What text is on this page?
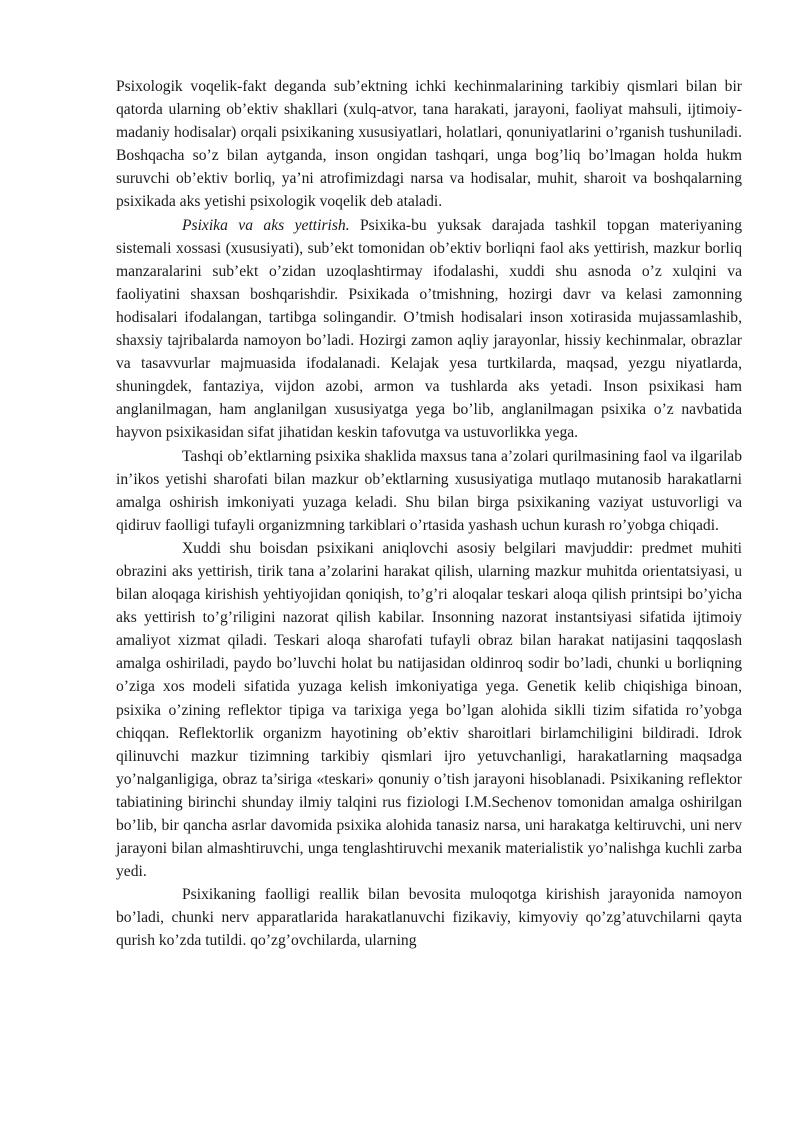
Psixologik voqelik-fakt deganda sub’ektning ichki kechinmalarining tarkibiy qismlari bilan bir qatorda ularning ob’ektiv shakllari (xulq-atvor, tana harakati, jarayoni, faoliyat mahsuli, ijtimoiy-madaniy hodisalar) orqali psixikaning xususiyatlari, holatlari, qonuniyatlarini o’rganish tushuniladi. Boshqacha so’z bilan aytganda, inson ongidan tashqari, unga bog’liq bo’lmagan holda hukm suruvchi ob’ektiv borliq, ya’ni atrofimizdagi narsa va hodisalar, muhit, sharoit va boshqalarning psixikada aks yetishi psixologik voqelik deb ataladi.

Psixika va aks yettirish. Psixika-bu yuksak darajada tashkil topgan materiyaning sistemali xossasi (xususiyati), sub’ekt tomonidan ob’ektiv borliqni faol aks yettirish, mazkur borliq manzaralarini sub’ekt o’zidan uzoqlashtirmay ifodalashi, xuddi shu asnoda o’z xulqini va faoliyatini shaxsan boshqarishdir. Psixikada o’tmishning, hozirgi davr va kelasi zamonning hodisalari ifodalangan, tartibga solingandir. O’tmish hodisalari inson xotirasida mujassamlashib, shaxsiy tajribalarda namoyon bo’ladi. Hozirgi zamon aqliy jarayonlar, hissiy kechinmalar, obrazlar va tasavvurlar majmuasida ifodalanadi. Kelajak yesa turtkilarda, maqsad, yezgu niyatlarda, shuningdek, fantaziya, vijdon azobi, armon va tushlarda aks yetadi. Inson psixikasi ham anglanilmagan, ham anglanilgan xususiyatga yega bo’lib, anglanilmagan psixika o’z navbatida hayvon psixikasidan sifat jihatidan keskin tafovutga va ustuvorlikka yega.

Tashqi ob’ektlarning psixika shaklida maxsus tana a’zolari qurilmasining faol va ilgarilab in’ikos yetishi sharofati bilan mazkur ob’ektlarning xususiyatiga mutlaqo mutanosib harakatlarni amalga oshirish imkoniyati yuzaga keladi. Shu bilan birga psixikaning vaziyat ustuvorligi va qidiruv faolligi tufayli organizmning tarkiblari o’rtasida yashash uchun kurash ro’yobga chiqadi.

Xuddi shu boisdan psixikani aniqlovchi asosiy belgilari mavjuddir: predmet muhiti obrazini aks yettirish, tirik tana a’zolarini harakat qilish, ularning mazkur muhitda orientatsiyasi, u bilan aloqaga kirishish yehtiyojidan qoniqish, to’g’ri aloqalar teskari aloqa qilish printsipi bo’yicha aks yettirish to’g’riligini nazorat qilish kabilar. Insonning nazorat instantsiyasi sifatida ijtimoiy amaliyot xizmat qiladi. Teskari aloqa sharofati tufayli obraz bilan harakat natijasini taqqoslash amalga oshiriladi, paydo bo’luvchi holat bu natijasidan oldinroq sodir bo’ladi, chunki u borliqning o’ziga xos modeli sifatida yuzaga kelish imkoniyatiga yega. Genetik kelib chiqishiga binoan, psixika o’zining reflektor tipiga va tarixiga yega bo’lgan alohida siklli tizim sifatida ro’yobga chiqqan. Reflektorlik organizm hayotining ob’ektiv sharoitlari birlamchiligini bildiradi. Idrok qilinuvchi mazkur tizimning tarkibiy qismlari ijro yetuvchanligi, harakatlarning maqsadga yo’nalganligiga, obraz ta’siriga «teskari» qonuniy o’tish jarayoni hisoblanadi. Psixikaning reflektor tabiatining birinchi shunday ilmiy talqini rus fiziologi I.M.Sechenov tomonidan amalga oshirilgan bo’lib, bir qancha asrlar davomida psixika alohida tanasiz narsa, uni harakatga keltiruvchi, uni nerv jarayoni bilan almashtiruvchi, unga tenglashtiruvchi mexanik materialistik yo’nalishga kuchli zarba yedi.

Psixikaning faolligi reallik bilan bevosita muloqotga kirishish jarayonida namoyon bo’ladi, chunki nerv apparatlarida harakatlanuvchi fizikaviy, kimyoviy qo’zg’atuvchilarni qayta qurish ko’zda tutildi. qo’zg’ovchilarda, ularning
